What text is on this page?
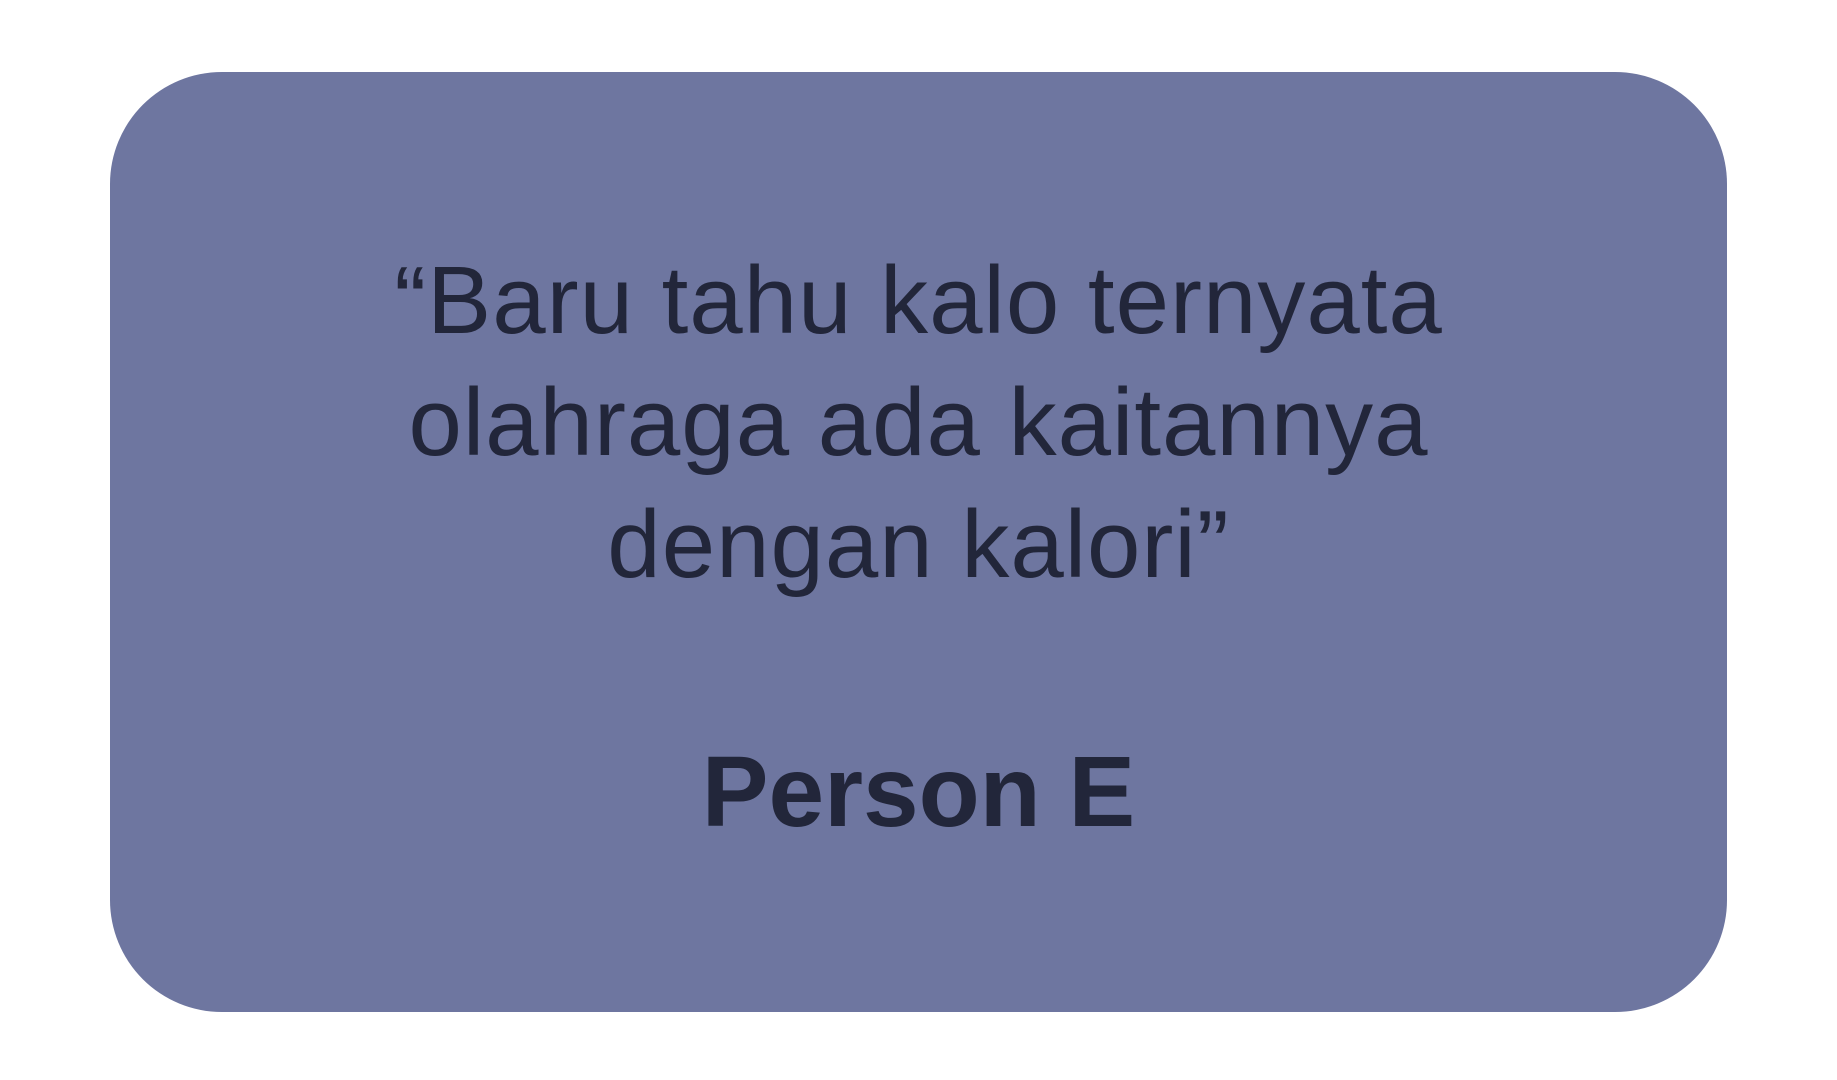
“Baru tahu kalo ternyata olahraga ada kaitannya dengan kalori”
Person E
